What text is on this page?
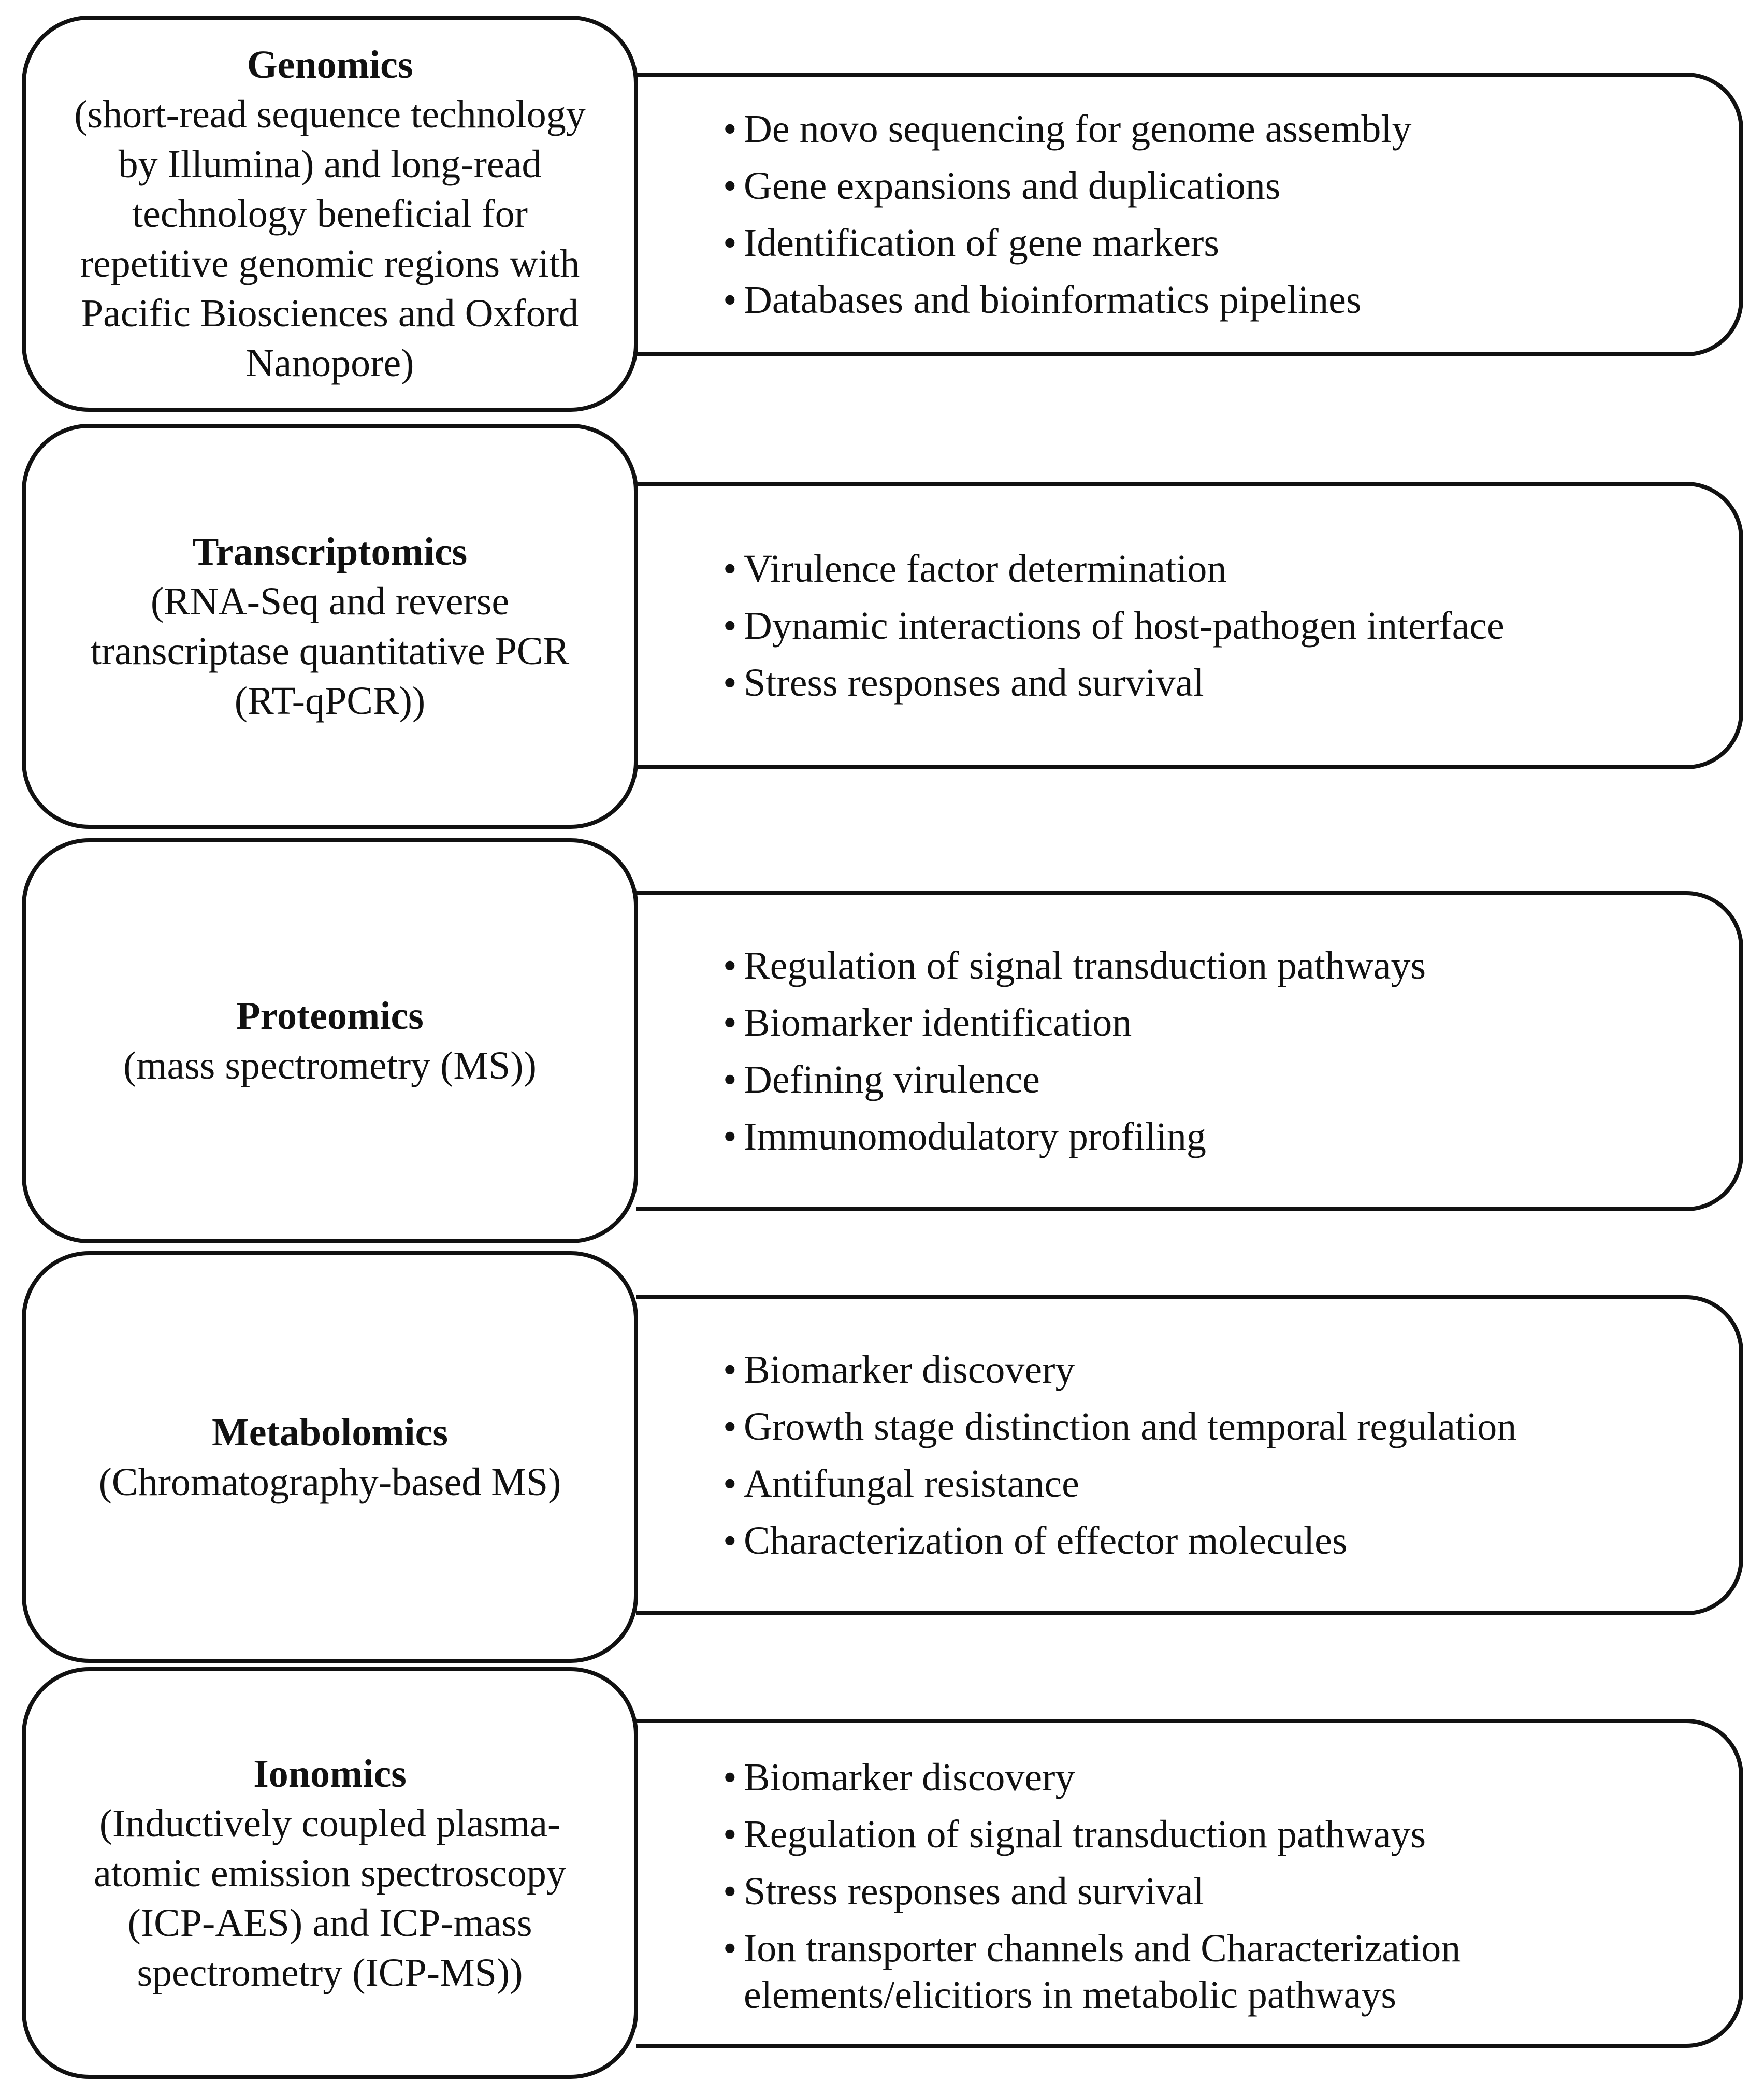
Genomics
(short-read sequence technology by Illumina) and long-read technology beneficial for repetitive genomic regions with Pacific Biosciences and Oxford Nanopore)
• De novo sequencing for genome assembly
• Gene expansions and duplications
• Identification of gene markers
• Databases and bioinformatics pipelines
Transcriptomics
(RNA-Seq and reverse transcriptase quantitative PCR (RT-qPCR))
• Virulence factor determination
• Dynamic interactions of host-pathogen interface
• Stress responses and survival
Proteomics
(mass spectrometry (MS))
• Regulation of signal transduction pathways
• Biomarker identification
• Defining virulence
• Immunomodulatory profiling
Metabolomics
(Chromatography-based MS)
• Biomarker discovery
• Growth stage distinction and temporal regulation
• Antifungal resistance
• Characterization of effector molecules
Ionomics
(Inductively coupled plasma-atomic emission spectroscopy (ICP-AES) and ICP-mass spectrometry (ICP-MS))
• Biomarker discovery
• Regulation of signal transduction pathways
• Stress responses and survival
• Ion transporter channels and Characterization elements/elicitiors in metabolic pathways
